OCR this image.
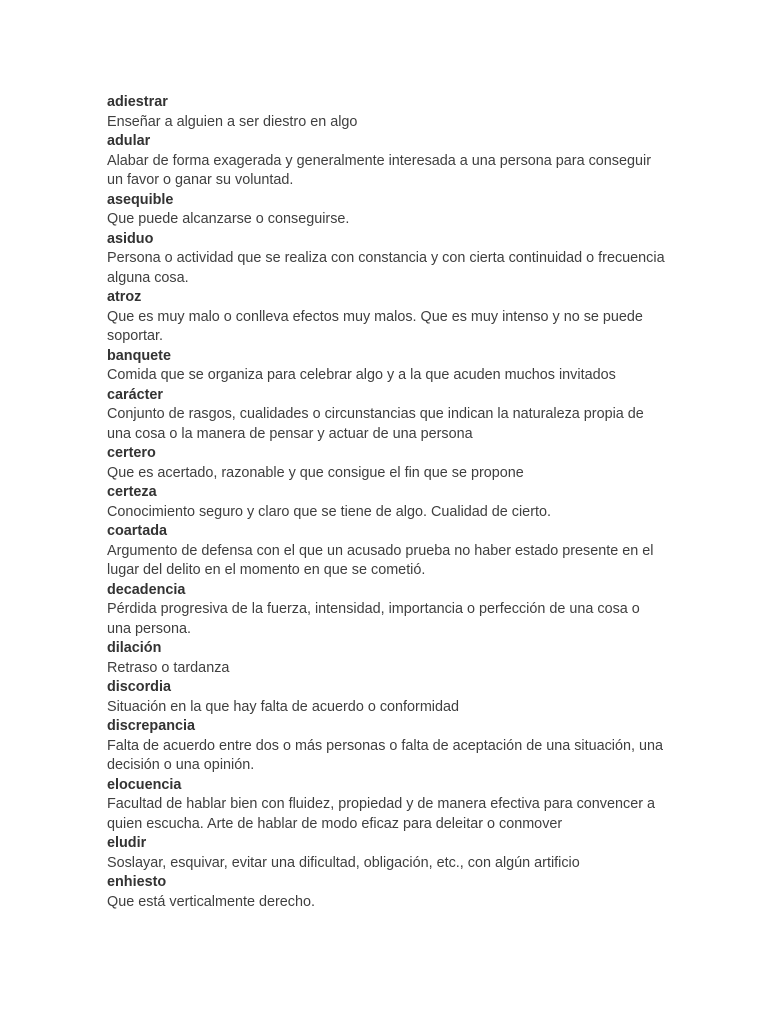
adiestrar
Enseñar a alguien a ser diestro en algo
adular
Alabar de forma exagerada y generalmente interesada a una persona para conseguir un favor o ganar su voluntad.
asequible
Que puede alcanzarse o conseguirse.
asiduo
Persona o actividad que se realiza con constancia y con cierta continuidad o frecuencia alguna cosa.
atroz
Que es muy malo o conlleva efectos muy malos. Que es muy intenso y no se puede soportar.
banquete
Comida que se organiza para celebrar algo y a la que acuden muchos invitados
carácter
Conjunto de rasgos, cualidades o circunstancias que indican la naturaleza propia de una cosa o la manera de pensar y actuar de una persona
certero
Que es acertado, razonable y que consigue el fin que se propone
certeza
Conocimiento seguro y claro que se tiene de algo. Cualidad de cierto.
coartada
Argumento de defensa con el que un acusado prueba no haber estado presente en el lugar del delito en el momento en que se cometió.
decadencia
Pérdida progresiva de la fuerza, intensidad, importancia o perfección de una cosa o una persona.
dilación
Retraso o tardanza
discordia
Situación en la que hay falta de acuerdo o conformidad
discrepancia
Falta de acuerdo entre dos o más personas o falta de aceptación de una situación, una decisión o una opinión.
elocuencia
Facultad de hablar bien con fluidez, propiedad y de manera efectiva para convencer a quien escucha. Arte de hablar de modo eficaz para deleitar o conmover
eludir
Soslayar, esquivar, evitar una dificultad, obligación, etc., con algún artificio
enhiesto
Que está verticalmente derecho.
